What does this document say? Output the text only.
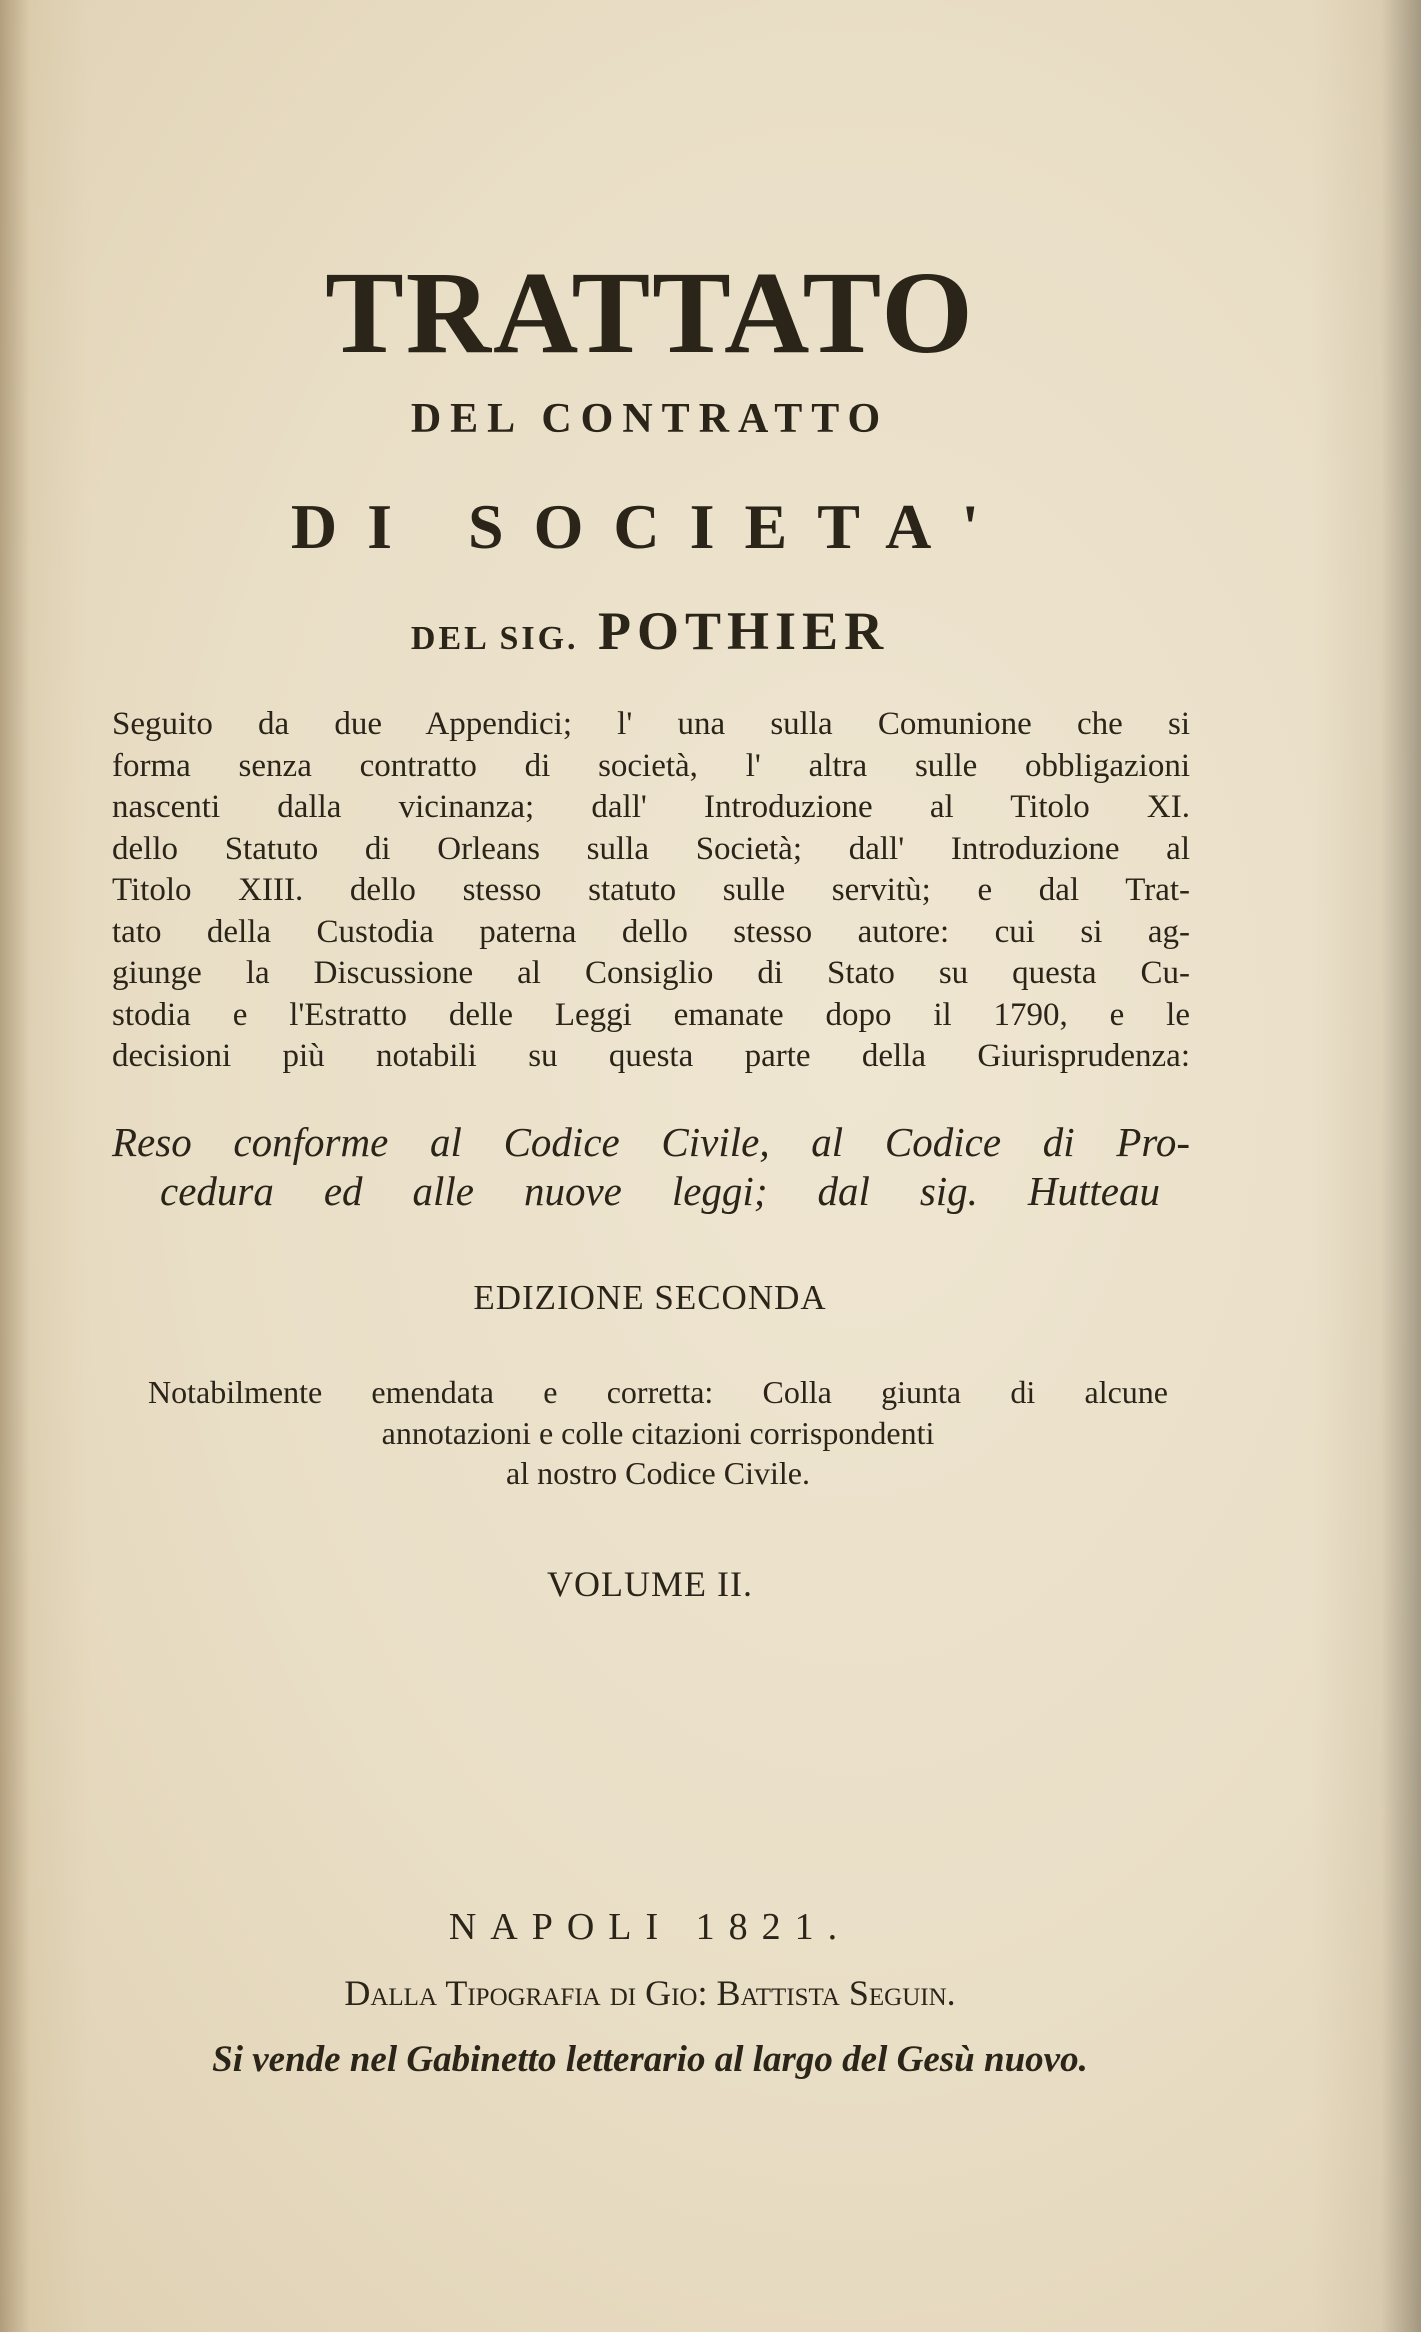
TRATTATO
DEL CONTRATTO
DI SOCIETA'
DEL SIG. POTHIER
Seguito da due Appendici; l' una sulla Comunione che si
forma senza contratto di società, l' altra sulle obbligazioni
nascenti dalla vicinanza; dall' Introduzione al Titolo XI.
dello Statuto di Orleans sulla Società; dall' Introduzione al
Titolo XIII. dello stesso statuto sulle servitù; e dal Trat-
tato della Custodia paterna dello stesso autore: cui si ag-
giunge la Discussione al Consiglio di Stato su questa Cu-
stodia e l'Estratto delle Leggi emanate dopo il 1790, e le
decisioni più notabili su questa parte della Giurisprudenza:
Reso conforme al Codice Civile, al Codice di Pro-
cedura ed alle nuove leggi; dal sig. Hutteau
EDIZIONE SECONDA
Notabilmente emendata e corretta: Colla giunta di alcune
annotazioni e colle citazioni corrispondenti
al nostro Codice Civile.
VOLUME II.
NAPOLI 1821.
Dalla Tipografia di Gio: Battista Seguin.
Si vende nel Gabinetto letterario al largo del Gesù nuovo.
